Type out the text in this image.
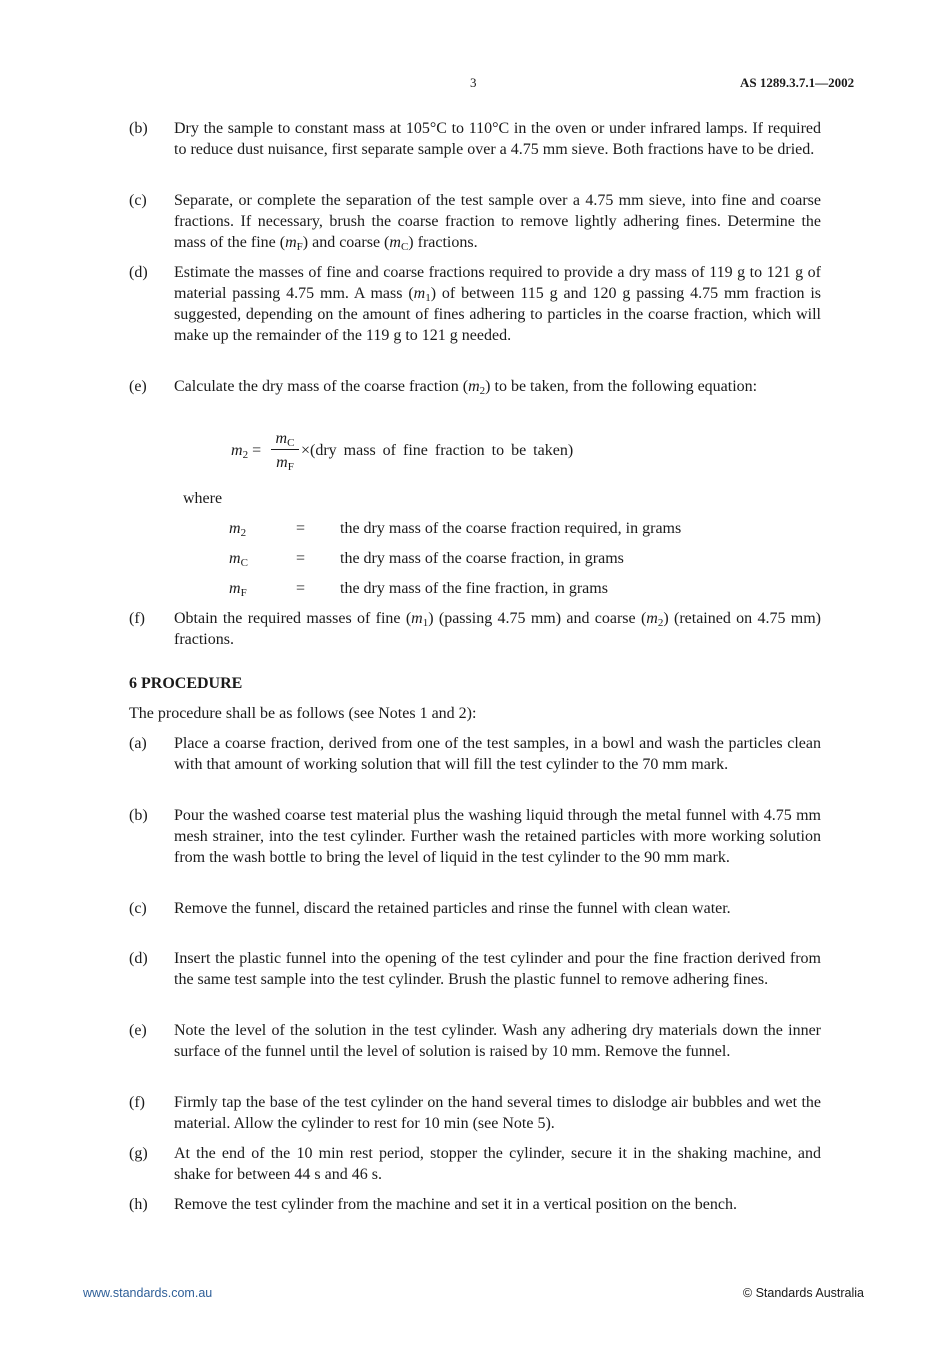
3	AS 1289.3.7.1—2002
(b) Dry the sample to constant mass at 105°C to 110°C in the oven or under infrared lamps. If required to reduce dust nuisance, first separate sample over a 4.75 mm sieve. Both fractions have to be dried.
(c) Separate, or complete the separation of the test sample over a 4.75 mm sieve, into fine and coarse fractions. If necessary, brush the coarse fraction to remove lightly adhering fines. Determine the mass of the fine $(m_F)$ and coarse $(m_C)$ fractions.
(d) Estimate the masses of fine and coarse fractions required to provide a dry mass of 119 g to 121 g of material passing 4.75 mm. A mass $(m_1)$ of between 115 g and 120 g passing 4.75 mm fraction is suggested, depending on the amount of fines adhering to particles in the coarse fraction, which will make up the remainder of the 119 g to 121 g needed.
(e) Calculate the dry mass of the coarse fraction $(m_2)$ to be taken, from the following equation:
$m_2$ =
$m_C$
$m_F$
×(dry mass of fine fraction to be taken)
where
$m_2$	= the dry mass of the coarse fraction required, in grams
$m_C$	= the dry mass of the coarse fraction, in grams
$m_F$	= the dry mass of the fine fraction, in grams
(f) Obtain the required masses of fine $(m_1)$ (passing 4.75 mm) and coarse $(m_2)$ (retained on 4.75 mm) fractions.
6 PROCEDURE
The procedure shall be as follows (see Notes 1 and 2):
(a) Place a coarse fraction, derived from one of the test samples, in a bowl and wash the particles clean with that amount of working solution that will fill the test cylinder to the 70 mm mark.
(b) Pour the washed coarse test material plus the washing liquid through the metal funnel with 4.75 mm mesh strainer, into the test cylinder. Further wash the retained particles with more working solution from the wash bottle to bring the level of liquid in the test cylinder to the 90 mm mark.
(c) Remove the funnel, discard the retained particles and rinse the funnel with clean water.
(d) Insert the plastic funnel into the opening of the test cylinder and pour the fine fraction derived from the same test sample into the test cylinder. Brush the plastic funnel to remove adhering fines.
(e) Note the level of the solution in the test cylinder. Wash any adhering dry materials down the inner surface of the funnel until the level of solution is raised by 10 mm. Remove the funnel.
(f) Firmly tap the base of the test cylinder on the hand several times to dislodge air bubbles and wet the material. Allow the cylinder to rest for 10 min (see Note 5).
(g) At the end of the 10 min rest period, stopper the cylinder, secure it in the shaking machine, and shake for between 44 s and 46 s.
(h) Remove the test cylinder from the machine and set it in a vertical position on the bench.
www.standards.com.au	© Standards Australia
